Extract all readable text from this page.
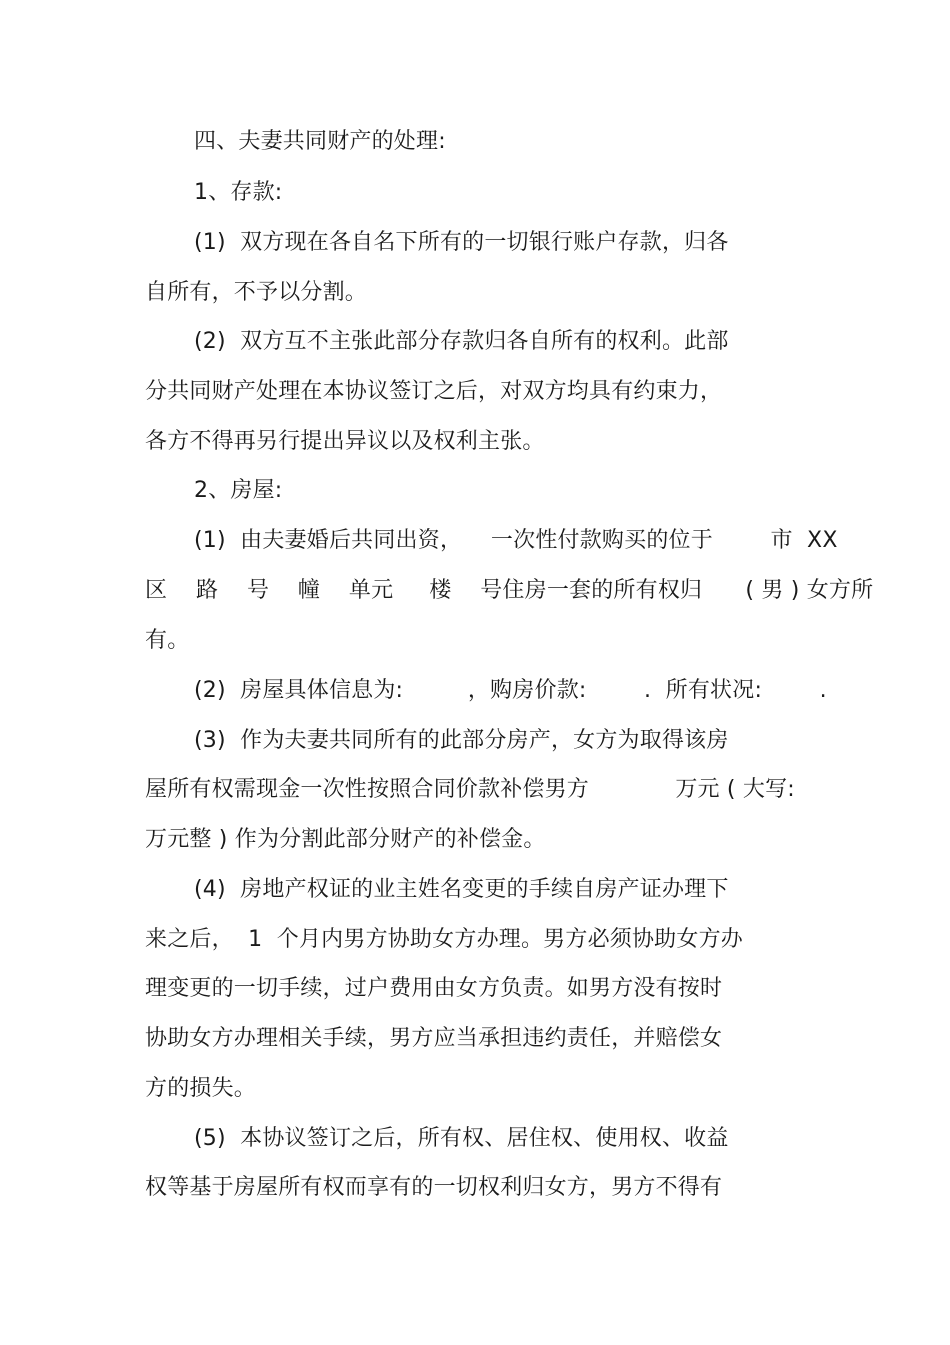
四、夫妻共同财产的处理:
1、存款:
(1)  双方现在各自名下所有的一切银行账户存款，归各
自所有，不予以分割。
(2)  双方互不主张此部分存款归各自所有的权利。此部
分共同财产处理在本协议签订之后，对双方均具有约束力，
各方不得再另行提出异议以及权利主张。
2、房屋:
(1)  由夫妻婚后共同出资，    一次性付款购买的位于        市  XX
区    路    号    幢    单元     楼    号住房一套的所有权归      ( 男 ) 女方所
有。
(2)  房屋具体信息为:         ，购房价款:        .  所有状况:        .
(3)  作为夫妻共同所有的此部分房产，女方为取得该房
屋所有权需现金一次性按照合同价款补偿男方            万元 ( 大写:
万元整 ) 作为分割此部分财产的补偿金。
(4)  房地产权证的业主姓名变更的手续自房产证办理下
来之后，  1  个月内男方协助女方办理。男方必须协助女方办
理变更的一切手续，过户费用由女方负责。如男方没有按时
协助女方办理相关手续，男方应当承担违约责任，并赔偿女
方的损失。
(5)  本协议签订之后，所有权、居住权、使用权、收益
权等基于房屋所有权而享有的一切权利归女方，男方不得有
